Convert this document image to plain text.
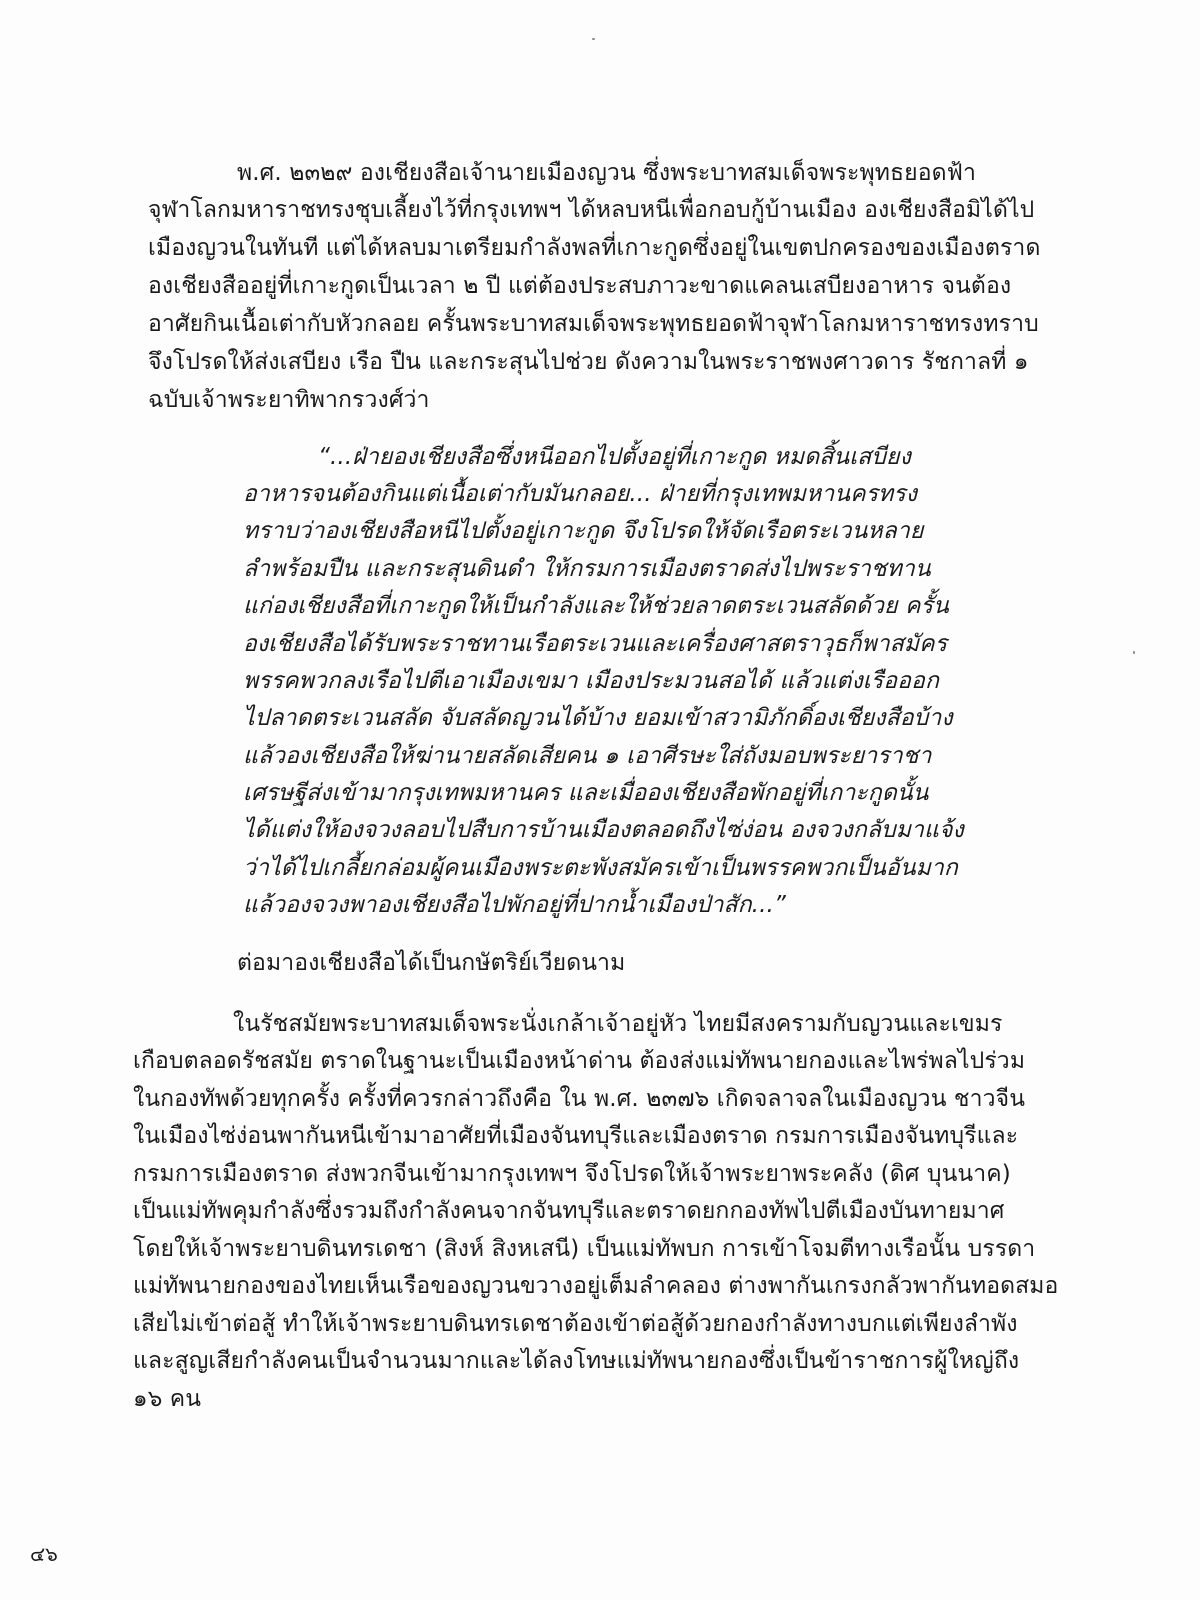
พ.ศ. ๒๓๒๙ องเชียงสือเจ้านายเมืองญวน ซึ่งพระบาทสมเด็จพระพุทธยอดฟ้า
จุฬาโลกมหาราชทรงชุบเลี้ยงไว้ที่กรุงเทพฯ ได้หลบหนีเพื่อกอบกู้บ้านเมือง องเชียงสือมิได้ไป
เมืองญวนในทันที แต่ได้หลบมาเตรียมกำลังพลที่เกาะกูดซึ่งอยู่ในเขตปกครองของเมืองตราด
องเชียงสืออยู่ที่เกาะกูดเป็นเวลา ๒ ปี แต่ต้องประสบภาวะขาดแคลนเสบียงอาหาร จนต้อง
อาศัยกินเนื้อเต่ากับหัวกลอย ครั้นพระบาทสมเด็จพระพุทธยอดฟ้าจุฬาโลกมหาราชทรงทราบ
จึงโปรดให้ส่งเสบียง เรือ ปืน และกระสุนไปช่วย ดังความในพระราชพงศาวดาร รัชกาลที่ ๑
ฉบับเจ้าพระยาทิพากรวงศ์ว่า
“...ฝ่ายองเชียงสือซึ่งหนีออกไปตั้งอยู่ที่เกาะกูด หมดสิ้นเสบียง
อาหารจนต้องกินแต่เนื้อเต่ากับมันกลอย... ฝ่ายที่กรุงเทพมหานครทรง
ทราบว่าองเชียงสือหนีไปตั้งอยู่เกาะกูด จึงโปรดให้จัดเรือตระเวนหลาย
ลำพร้อมปืน และกระสุนดินดำ ให้กรมการเมืองตราดส่งไปพระราชทาน
แก่องเชียงสือที่เกาะกูดให้เป็นกำลังและให้ช่วยลาดตระเวนสลัดด้วย ครั้น
องเชียงสือได้รับพระราชทานเรือตระเวนและเครื่องศาสตราวุธก็พาสมัคร
พรรคพวกลงเรือไปตีเอาเมืองเขมา เมืองประมวนสอได้ แล้วแต่งเรือออก
ไปลาดตระเวนสลัด จับสลัดญวนได้บ้าง ยอมเข้าสวามิภักดิ์องเชียงสือบ้าง
แล้วองเชียงสือให้ฆ่านายสลัดเสียคน ๑ เอาศีรษะใส่ถังมอบพระยาราชา
เศรษฐีส่งเข้ามากรุงเทพมหานคร และเมื่อองเชียงสือพักอยู่ที่เกาะกูดนั้น
ได้แต่งให้องจวงลอบไปสืบการบ้านเมืองตลอดถึงไซ่ง่อน องจวงกลับมาแจ้ง
ว่าได้ไปเกลี้ยกล่อมผู้คนเมืองพระตะพังสมัครเข้าเป็นพรรคพวกเป็นอันมาก
แล้วองจวงพาองเชียงสือไปพักอยู่ที่ปากน้ำเมืองป่าสัก...”
ต่อมาองเชียงสือได้เป็นกษัตริย์เวียดนาม
ในรัชสมัยพระบาทสมเด็จพระนั่งเกล้าเจ้าอยู่หัว ไทยมีสงครามกับญวนและเขมร
เกือบตลอดรัชสมัย ตราดในฐานะเป็นเมืองหน้าด่าน ต้องส่งแม่ทัพนายกองและไพร่พลไปร่วม
ในกองทัพด้วยทุกครั้ง ครั้งที่ควรกล่าวถึงคือ ใน พ.ศ. ๒๓๗๖ เกิดจลาจลในเมืองญวน ชาวจีน
ในเมืองไซ่ง่อนพากันหนีเข้ามาอาศัยที่เมืองจันทบุรีและเมืองตราด กรมการเมืองจันทบุรีและ
กรมการเมืองตราด ส่งพวกจีนเข้ามากรุงเทพฯ จึงโปรดให้เจ้าพระยาพระคลัง (ดิศ บุนนาค)
เป็นแม่ทัพคุมกำลังซึ่งรวมถึงกำลังคนจากจันทบุรีและตราดยกกองทัพไปตีเมืองบันทายมาศ
โดยให้เจ้าพระยาบดินทรเดชา (สิงห์ สิงหเสนี) เป็นแม่ทัพบก การเข้าโจมตีทางเรือนั้น บรรดา
แม่ทัพนายกองของไทยเห็นเรือของญวนขวางอยู่เต็มลำคลอง ต่างพากันเกรงกลัวพากันทอดสมอ
เสียไม่เข้าต่อสู้ ทำให้เจ้าพระยาบดินทรเดชาต้องเข้าต่อสู้ด้วยกองกำลังทางบกแต่เพียงลำพัง
และสูญเสียกำลังคนเป็นจำนวนมากและได้ลงโทษแม่ทัพนายกองซึ่งเป็นข้าราชการผู้ใหญ่ถึง
๑๖ คน
๔๖
